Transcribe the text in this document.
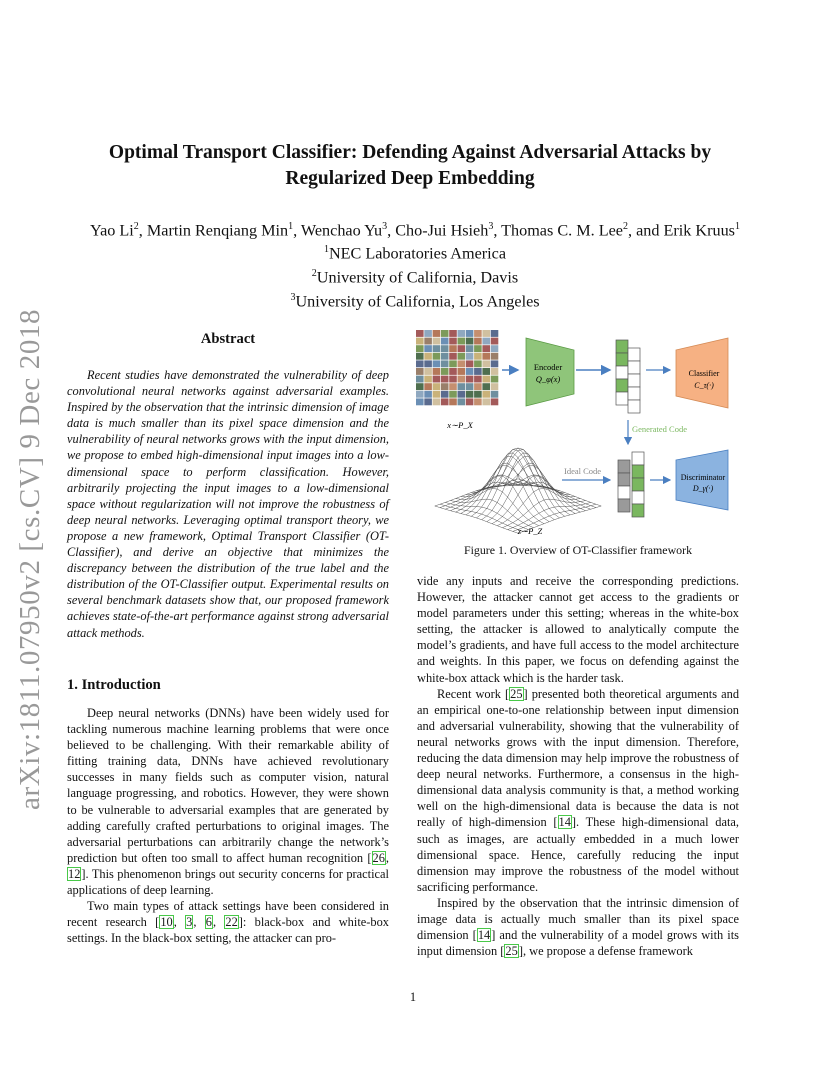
arXiv:1811.07950v2 [cs.CV] 9 Dec 2018
Optimal Transport Classifier: Defending Against Adversarial Attacks by
Regularized Deep Embedding
Yao Li$^2$, Martin Renqiang Min$^1$, Wenchao Yu$^3$, Cho-Jui Hsieh$^3$, Thomas C. M. Lee$^2$, and Erik Kruus$^1$
$^1$NEC Laboratories America
$^2$University of California, Davis
$^3$University of California, Los Angeles
Abstract

Recent studies have demonstrated the vulnerability of deep convolutional neural networks against adversarial examples. Inspired by the observation that the intrinsic dimension of image data is much smaller than its pixel space dimension and the vulnerability of neural networks grows with the input dimension, we propose to embed high-dimensional input images into a low-dimensional space to perform classification. However, arbitrarily projecting the input images to a low-dimensional space without regularization will not improve the robustness of deep neural networks. Leveraging optimal transport theory, we propose a new framework, Optimal Transport Classifier (OT-Classifier), and derive an objective that minimizes the discrepancy between the distribution of the true label and the distribution of the OT-Classifier output. Experimental results on several benchmark datasets show that, our proposed framework achieves state-of-the-art performance against strong adversarial attack methods.

1. Introduction

Deep neural networks (DNNs) have been widely used for tackling numerous machine learning problems that were once believed to be challenging. With their remarkable ability of fitting training data, DNNs have achieved revolutionary successes in many fields such as computer vision, natural language progressing, and robotics. However, they were shown to be vulnerable to adversarial examples that are generated by adding carefully crafted perturbations to original images. The adversarial perturbations can arbitrarily change the network’s prediction but often too small to affect human recognition [26, 12]. This phenomenon brings out security concerns for practical applications of deep learning.

Two main types of attack settings have been considered in recent research [10, 3, 6, 22]: black-box and white-box settings. In the black-box setting, the attacker can pro-

Encoder
Q_φ(x)
Classifier
C_τ(·)
x∼P_X	Generated Code
z∼P_Z
Ideal Code
Discriminator
D_γ(·)
Figure 1. Overview of OT-Classifier framework

vide any inputs and receive the corresponding predictions. However, the attacker cannot get access to the gradients or model parameters under this setting; whereas in the white-box setting, the attacker is allowed to analytically compute the model’s gradients, and have full access to the model architecture and weights. In this paper, we focus on defending against the white-box attack which is the harder task.

Recent work [25] presented both theoretical arguments and an empirical one-to-one relationship between input dimension and adversarial vulnerability, showing that the vulnerability of neural networks grows with the input dimension. Therefore, reducing the data dimension may help improve the robustness of deep neural networks. Furthermore, a consensus in the high-dimensional data analysis community is that, a method working well on the high-dimensional data is because the data is not really of high-dimension [14]. These high-dimensional data, such as images, are actually embedded in a much lower dimensional space. Hence, carefully reducing the input dimension may improve the robustness of the model without sacrificing performance.

Inspired by the observation that the intrinsic dimension of image data is actually much smaller than its pixel space dimension [14] and the vulnerability of a model grows with its input dimension [25], we propose a defense framework

1
